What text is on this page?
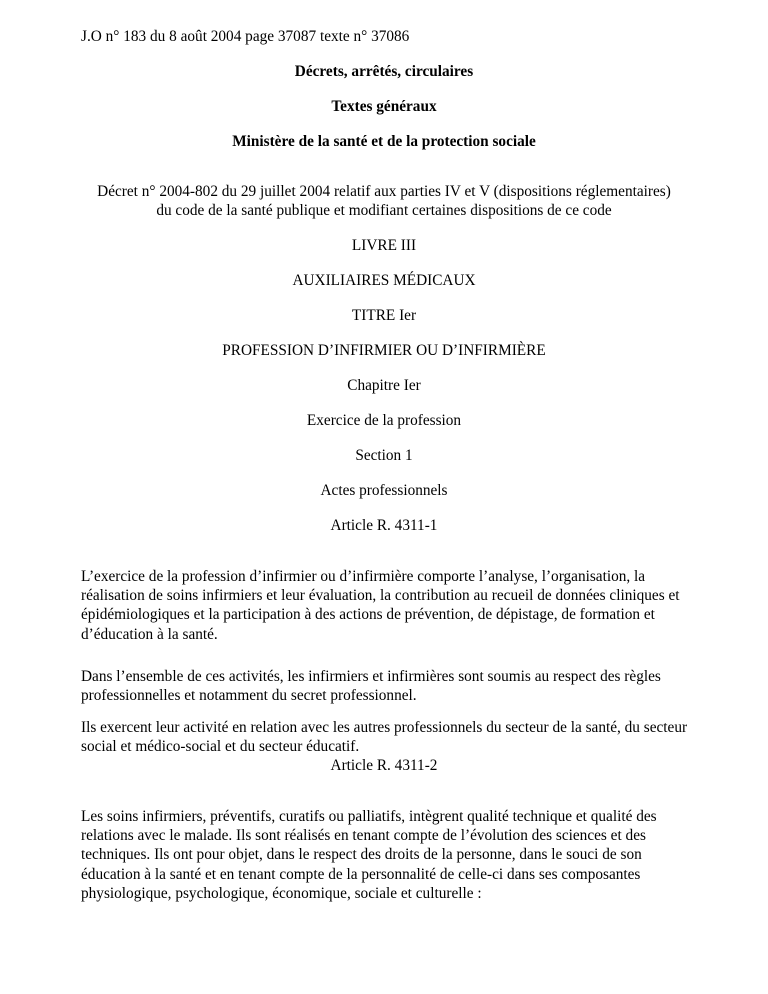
J.O n° 183 du 8 août 2004 page 37087 texte n° 37086
Décrets, arrêtés, circulaires
Textes généraux
Ministère de la santé et de la protection sociale
Décret n° 2004-802 du 29 juillet 2004 relatif aux parties IV et V (dispositions réglementaires)
du code de la santé publique et modifiant certaines dispositions de ce code
LIVRE III
AUXILIAIRES MÉDICAUX
TITRE Ier
PROFESSION D’INFIRMIER OU D’INFIRMIÈRE
Chapitre Ier
Exercice de la profession
Section 1
Actes professionnels
Article R. 4311-1
L’exercice de la profession d’infirmier ou d’infirmière comporte l’analyse, l’organisation, la réalisation de soins infirmiers et leur évaluation, la contribution au recueil de données cliniques et épidémiologiques et la participation à des actions de prévention, de dépistage, de formation et d’éducation à la santé.
Dans l’ensemble de ces activités, les infirmiers et infirmières sont soumis au respect des règles professionnelles et notamment du secret professionnel.
Ils exercent leur activité en relation avec les autres professionnels du secteur de la santé, du secteur social et médico-social et du secteur éducatif.
Article R. 4311-2
Les soins infirmiers, préventifs, curatifs ou palliatifs, intègrent qualité technique et qualité des relations avec le malade. Ils sont réalisés en tenant compte de l’évolution des sciences et des techniques. Ils ont pour objet, dans le respect des droits de la personne, dans le souci de son éducation à la santé et en tenant compte de la personnalité de celle-ci dans ses composantes physiologique, psychologique, économique, sociale et culturelle :
